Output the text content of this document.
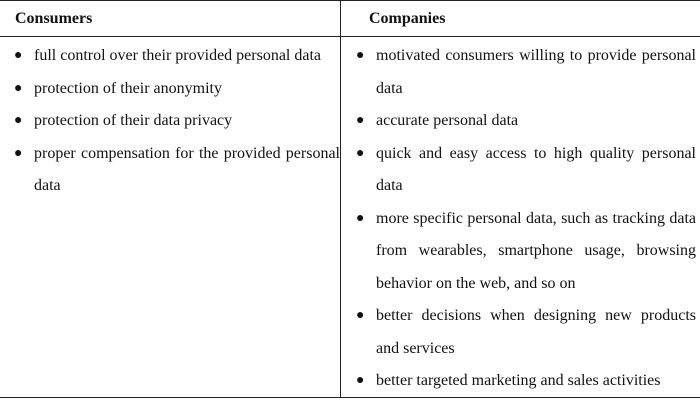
Consumers	Companies
● full control over their provided personal data
● protection of their anonymity
● protection of their data privacy
● proper compensation for the provided personal data
● motivated consumers willing to provide personal data
● accurate personal data
● quick and easy access to high quality personal data
● more specific personal data, such as tracking data from wearables, smartphone usage, browsing behavior on the web, and so on
● better decisions when designing new products and services
● better targeted marketing and sales activities
